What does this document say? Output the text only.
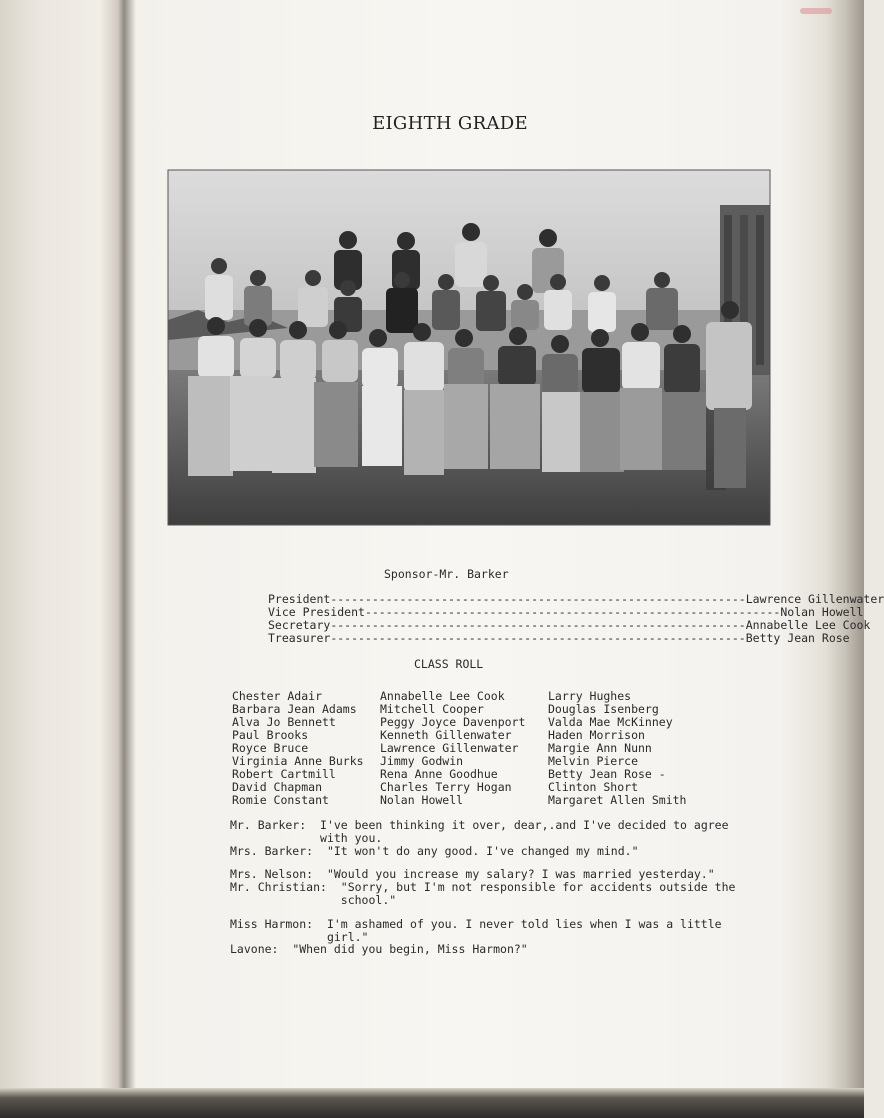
EIGHTH GRADE
Sponsor-Mr. Barker
President ------------------------------------------------------------ Lawrence Gillenwater
Vice President ------------------------------------------------------------ Nolan Howell
Secretary ------------------------------------------------------------ Annabelle Lee Cook
Treasurer ------------------------------------------------------------ Betty Jean Rose
CLASS ROLL
Chester Adair
Barbara Jean Adams
Alva Jo Bennett
Paul Brooks
Royce Bruce
Virginia Anne Burks
Robert Cartmill
David Chapman
Romie Constant
Annabelle Lee Cook
Mitchell Cooper
Peggy Joyce Davenport
Kenneth Gillenwater
Lawrence Gillenwater
Jimmy Godwin
Rena Anne Goodhue
Charles Terry Hogan
Nolan Howell
Larry Hughes
Douglas Isenberg
Valda Mae McKinney
Haden Morrison
Margie Ann Nunn
Melvin Pierce
Betty Jean Rose -
Clinton Short
Margaret Allen Smith
Mr. Barker: I've been thinking it over, dear,.and I've decided to agree with you.
Mrs. Barker: "It won't do any good. I've changed my mind."
Mrs. Nelson: "Would you increase my salary? I was married yesterday."
Mr. Christian: "Sorry, but I'm not responsible for accidents outside the school."
Miss Harmon: I'm ashamed of you. I never told lies when I was a little girl."
Lavone: "When did you begin, Miss Harmon?"
